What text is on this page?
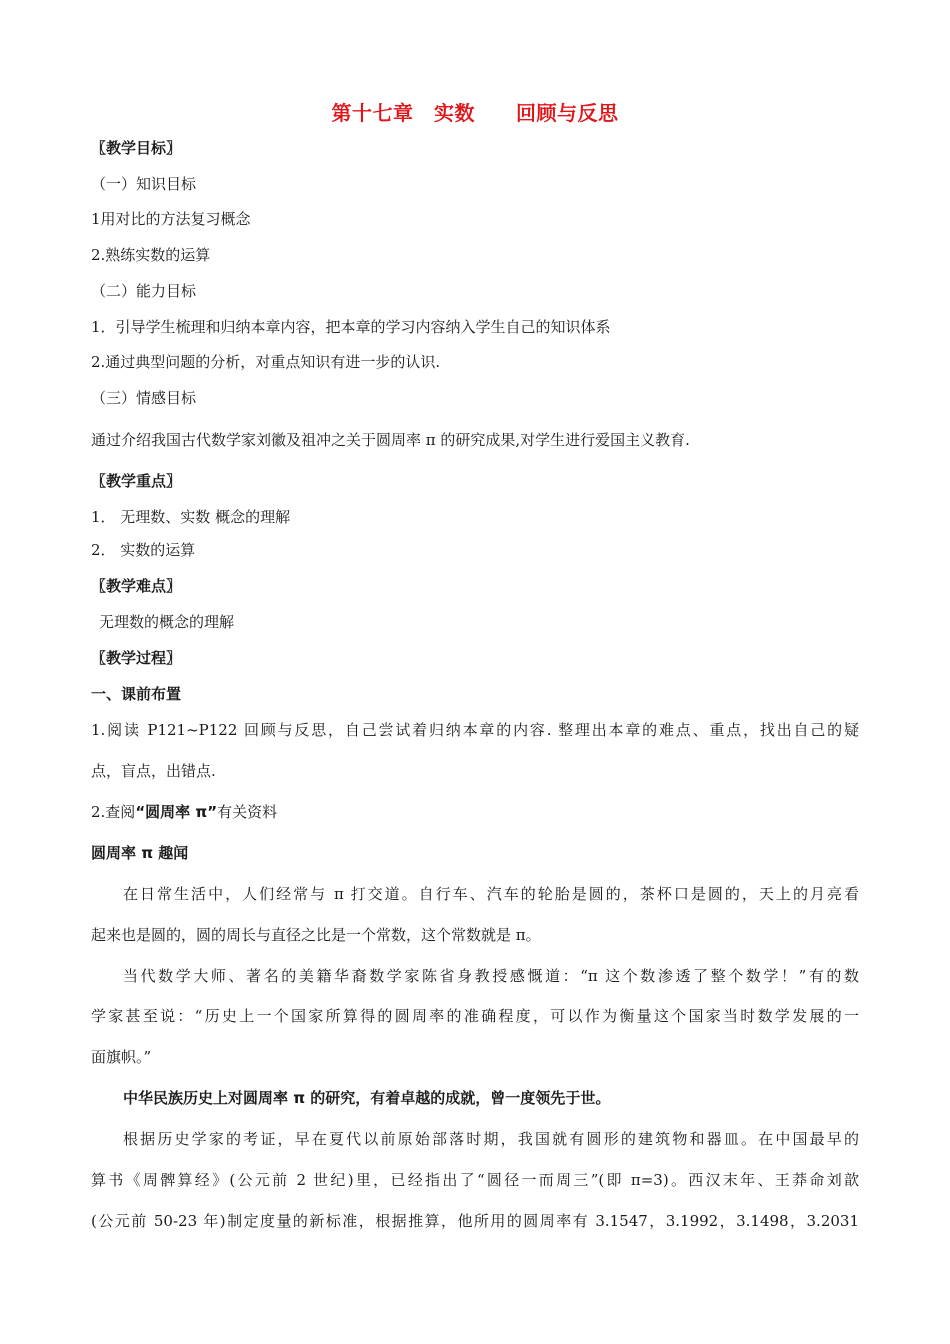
第十七章　实数　　回顾与反思
〖教学目标〗
（一）知识目标
1用对比的方法复习概念
2.熟练实数的运算
（二）能力目标
1．引导学生梳理和归纳本章内容，把本章的学习内容纳入学生自己的知识体系
2.通过典型问题的分析，对重点知识有进一步的认识.
（三）情感目标
通过介绍我国古代数学家刘徽及祖冲之关于圆周率 π 的研究成果,对学生进行爱国主义教育.
〖教学重点〗
1． 无理数、实数 概念的理解
2． 实数的运算
〖教学难点〗
无理数的概念的理解
〖教学过程〗
一、课前布置
1.阅读 P121~P122 回顾与反思，自己尝试着归纳本章的内容. 整理出本章的难点、重点，找出自己的疑
点，盲点，出错点.
2.查阅“圆周率 π”有关资料
圆周率 π 趣闻
在日常生活中，人们经常与 π 打交道。自行车、汽车的轮胎是圆的，茶杯口是圆的，天上的月亮看
起来也是圆的，圆的周长与直径之比是一个常数，这个常数就是 π。
当代数学大师、著名的美籍华裔数学家陈省身教授感慨道：“π 这个数渗透了整个数学！”有的数
学家甚至说：“历史上一个国家所算得的圆周率的准确程度，可以作为衡量这个国家当时数学发展的一
面旗帜。”
中华民族历史上对圆周率 π 的研究，有着卓越的成就，曾一度领先于世。
根据历史学家的考证，早在夏代以前原始部落时期，我国就有圆形的建筑物和器皿。在中国最早的
算书《周髀算经》(公元前 2 世纪)里，已经指出了“圆径一而周三”(即 π=3)。西汉末年、王莽命刘歆
(公元前 50-23 年)制定度量的新标准，根据推算，他所用的圆周率有 3.1547，3.1992，3.1498，3.2031
